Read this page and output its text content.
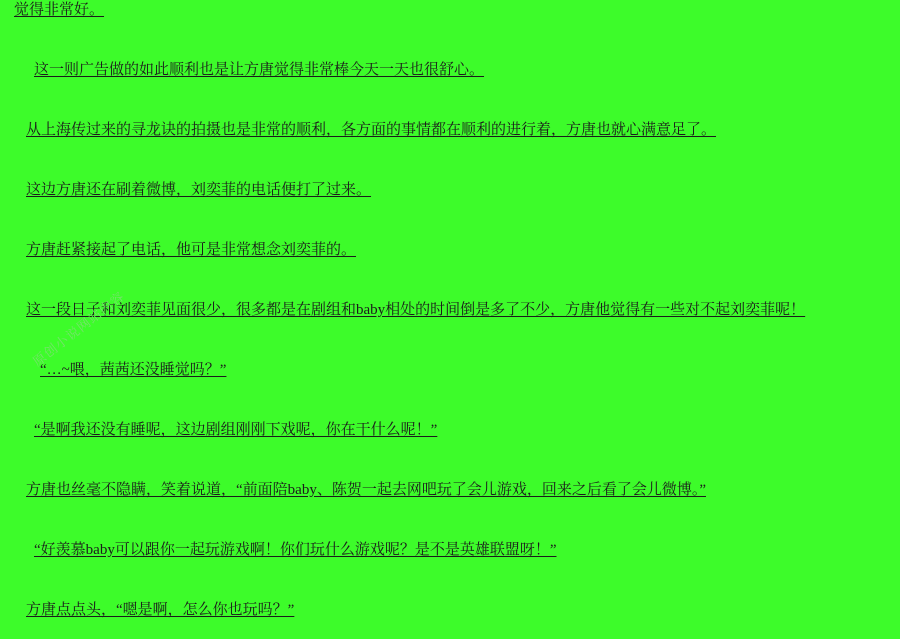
觉得非常好。
这一则广告做的如此顺利也是让方唐觉得非常棒今天一天也很舒心。
从上海传过来的寻龙诀的拍摄也是非常的顺利，各方面的事情都在顺利的进行着，方唐也就心满意足了。
这边方唐还在刷着微博，刘奕菲的电话便打了过来。
方唐赶紧接起了电话，他可是非常想念刘奕菲的。
这一段日子和刘奕菲见面很少，很多都是在剧组和baby相处的时间倒是多了不少，方唐他觉得有一些对不起刘奕菲呢！
“…~喂，茜茜还没睡觉吗？”
“是啊我还没有睡呢，这边剧组刚刚下戏呢，你在干什么呢！”
方唐也丝毫不隐瞒，笑着说道，“前面陪baby、陈贺一起去网吧玩了会儿游戏，回来之后看了会儿微博。”
“好羡慕baby可以跟你一起玩游戏啊！你们玩什么游戏呢？是不是英雄联盟呀！”
方唐点点头，“嗯是啊，怎么你也玩吗？”
原创小说网站内容
